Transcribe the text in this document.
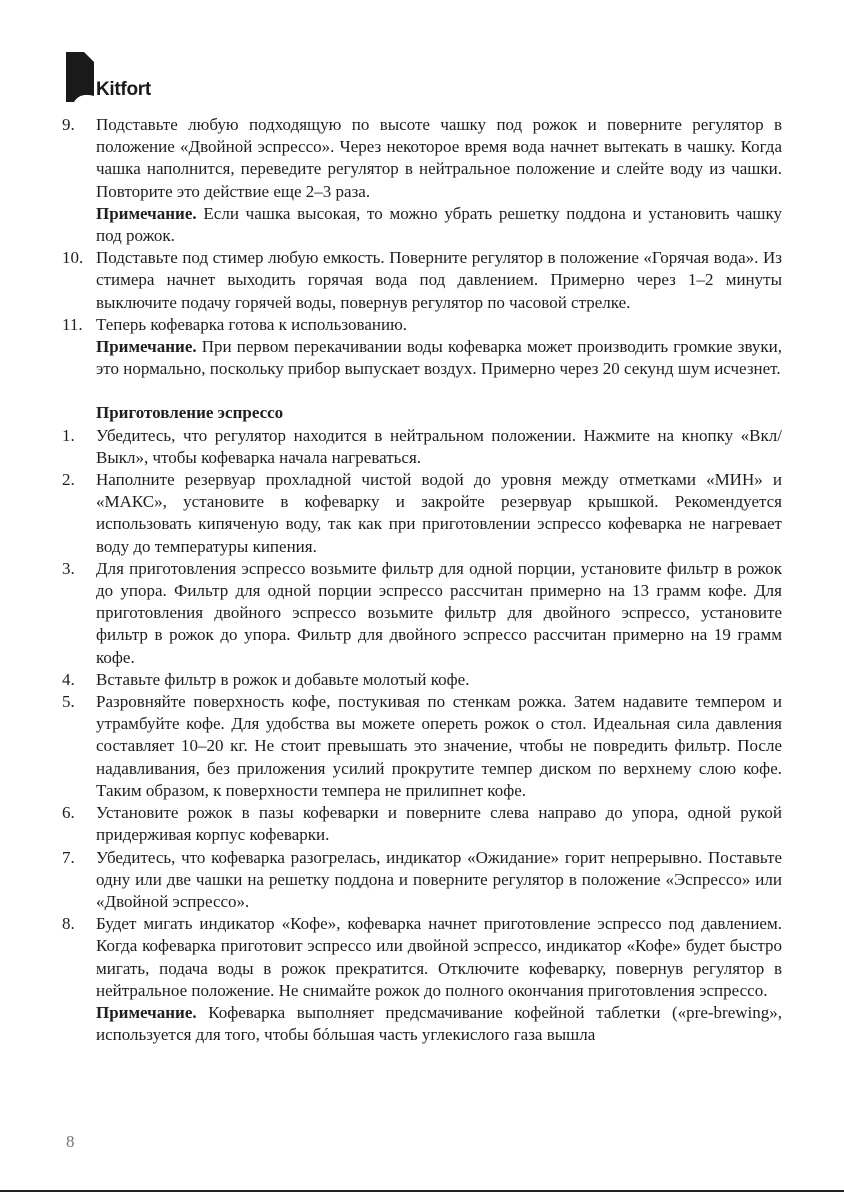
Kitfort
9.	Подставьте любую подходящую по высоте чашку под рожок и поверните регулятор в положение «Двойной эспрессо». Через некоторое время вода начнет вытекать в чашку. Когда чашка наполнится, переведите регулятор в нейтральное положение и слейте воду из чашки. Повторите это действие еще 2–3 раза.
Примечание. Если чашка высокая, то можно убрать решетку поддона и установить чашку под рожок.
10. Подставьте под стимер любую емкость. Поверните регулятор в положение «Горячая вода». Из стимера начнет выходить горячая вода под давлением. Примерно через 1–2 минуты выключите подачу горячей воды, повернув регулятор по часовой стрелке.
11. Теперь кофеварка готова к использованию.
Примечание. При первом перекачивании воды кофеварка может производить громкие звуки, это нормально, поскольку прибор выпускает воздух. Примерно через 20 секунд шум исчезнет.
Приготовление эспрессо
1.	Убедитесь, что регулятор находится в нейтральном положении. Нажмите на кнопку «Вкл/Выкл», чтобы кофеварка начала нагреваться.
2.	Наполните резервуар прохладной чистой водой до уровня между отметками «МИН» и «МАКС», установите в кофеварку и закройте резервуар крышкой. Рекомендуется использовать кипяченую воду, так как при приготовлении эспрессо кофеварка не нагревает воду до температуры кипения.
3.	Для приготовления эспрессо возьмите фильтр для одной порции, установите фильтр в рожок до упора. Фильтр для одной порции эспрессо рассчитан примерно на 13 грамм кофе. Для приготовления двойного эспрессо возьмите фильтр для двойного эспрессо, установите фильтр в рожок до упора. Фильтр для двойного эспрессо рассчитан примерно на 19 грамм кофе.
4.	Вставьте фильтр в рожок и добавьте молотый кофе.
5.	Разровняйте поверхность кофе, постукивая по стенкам рожка. Затем надавите темпером и утрамбуйте кофе. Для удобства вы можете опереть рожок о стол. Идеальная сила давления составляет 10–20 кг. Не стоит превышать это значение, чтобы не повредить фильтр. После надавливания, без приложения усилий прокрутите темпер диском по верхнему слою кофе. Таким образом, к поверхности темпера не прилипнет кофе.
6.	Установите рожок в пазы кофеварки и поверните слева направо до упора, одной рукой придерживая корпус кофеварки.
7.	Убедитесь, что кофеварка разогрелась, индикатор «Ожидание» горит непрерывно. Поставьте одну или две чашки на решетку поддона и поверните регулятор в положение «Эспрессо» или «Двойной эспрессо».
8.	Будет мигать индикатор «Кофе», кофеварка начнет приготовление эспрессо под давлением. Когда кофеварка приготовит эспрессо или двойной эспрессо, индикатор «Кофе» будет быстро мигать, подача воды в рожок прекратится. Отключите кофеварку, повернув регулятор в нейтральное положение. Не снимайте рожок до полного окончания приготовления эспрессо.
Примечание. Кофеварка выполняет предсмачивание кофейной таблетки («pre-brewing», используется для того, чтобы бóльшая часть углекислого газа вышла
8
